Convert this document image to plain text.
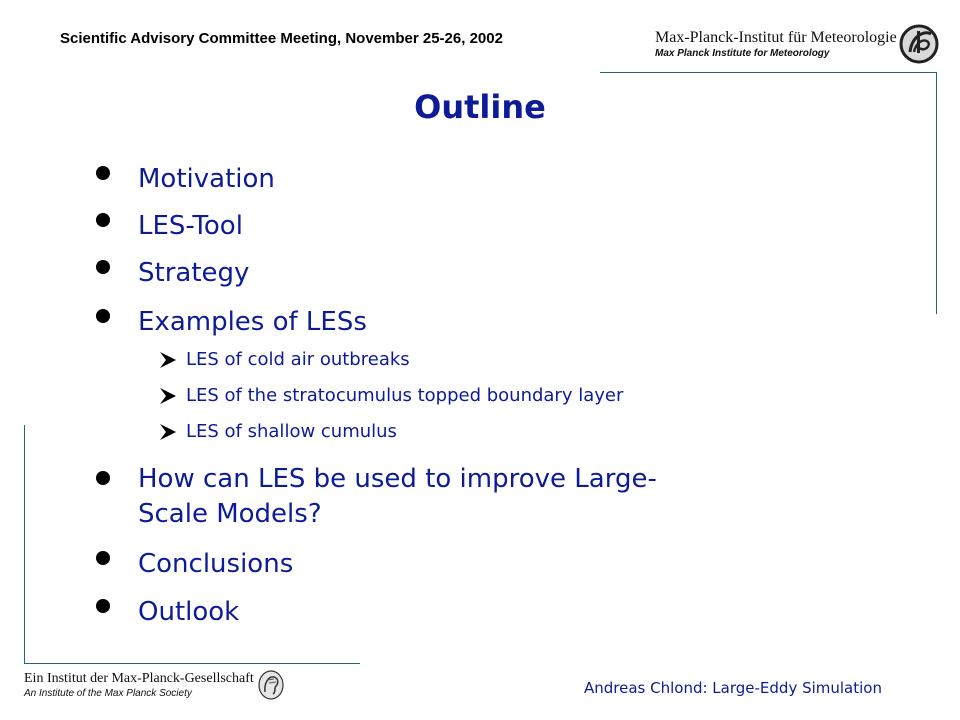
Scientific Advisory Committee Meeting, November 25-26, 2002	Max-Planck-Institut für Meteorologie
Max Planck Institute for Meteorology
Outline
Motivation
LES-Tool
Strategy
Examples of LESs
LES of cold air outbreaks
LES of the stratocumulus topped boundary layer
LES of shallow cumulus
How can LES be used to improve Large-
Scale Models?
Conclusions
Outlook
Ein Institut der Max-Planck-Gesellschaft
An Institute of the Max Planck Society	Andreas Chlond: Large-Eddy Simulation
